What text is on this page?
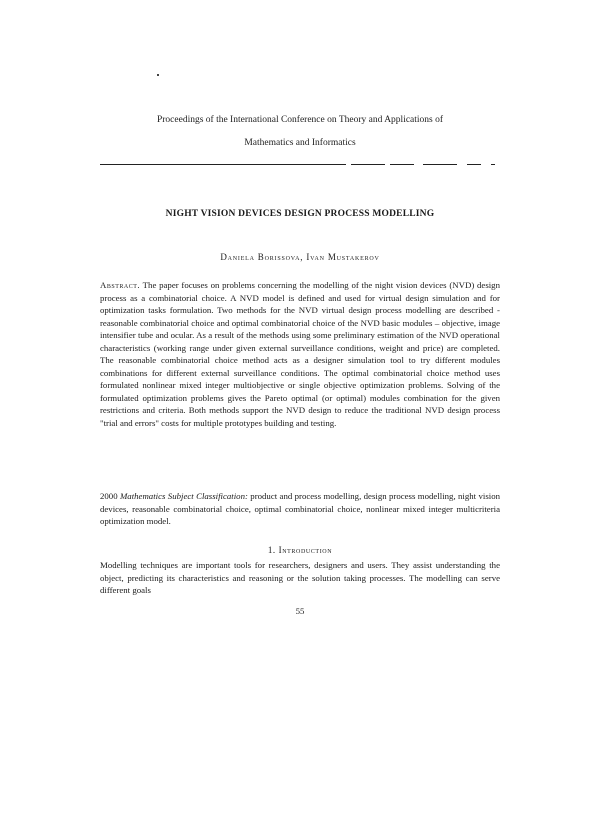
Proceedings of the International Conference on Theory and Applications of
Mathematics and Informatics
NIGHT VISION DEVICES DESIGN PROCESS MODELLING
Daniela Borissova, Ivan Mustakerov

Abstract. The paper focuses on problems concerning the modelling of the night vision devices (NVD) design process as a combinatorial choice. A NVD model is defined and used for virtual design simulation and for optimization tasks formulation. Two methods for the NVD virtual design process modelling are described - reasonable combinatorial choice and optimal combinatorial choice of the NVD basic modules – objective, image intensifier tube and ocular. As a result of the methods using some preliminary estimation of the NVD operational characteristics (working range under given external surveillance conditions, weight and price) are completed. The reasonable combinatorial choice method acts as a designer simulation tool to try different modules combinations for different external surveillance conditions. The optimal combinatorial choice method uses formulated nonlinear mixed integer multiobjective or single objective optimization problems. Solving of the formulated optimization problems gives the Pareto optimal (or optimal) modules combination for the given restrictions and criteria. Both methods support the NVD design to reduce the traditional NVD design process "trial and errors" costs for multiple prototypes building and testing.

2000 Mathematics Subject Classification: product and process modelling, design process modelling, night vision devices, reasonable combinatorial choice, optimal combinatorial choice, nonlinear mixed integer multicriteria optimization model.

1. Introduction

Modelling techniques are important tools for researchers, designers and users. They assist understanding the object, predicting its characteristics and reasoning or the solution taking processes. The modelling can serve different goals

55
